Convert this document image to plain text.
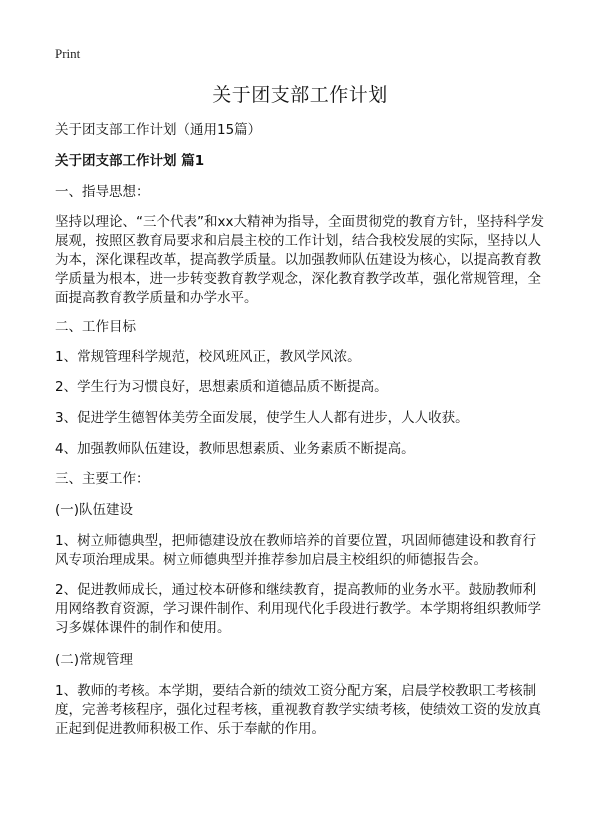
Print
关于团支部工作计划

关于团支部工作计划（通用15篇）

关于团支部工作计划 篇1

一、指导思想：

坚持以理论、“三个代表”和xx大精神为指导，全面贯彻党的教育方针，坚持科学发展观，按照区教育局要求和启晨主校的工作计划，结合我校发展的实际，坚持以人为本，深化课程改革，提高教学质量。以加强教师队伍建设为核心，以提高教育教学质量为根本，进一步转变教育教学观念，深化教育教学改革，强化常规管理，全面提高教育教学质量和办学水平。

二、工作目标

1、常规管理科学规范，校风班风正，教风学风浓。

2、学生行为习惯良好，思想素质和道德品质不断提高。

3、促进学生德智体美劳全面发展，使学生人人都有进步，人人收获。

4、加强教师队伍建设，教师思想素质、业务素质不断提高。

三、主要工作：

(一)队伍建设

1、树立师德典型，把师德建设放在教师培养的首要位置，巩固师德建设和教育行风专项治理成果。树立师德典型并推荐参加启晨主校组织的师德报告会。

2、促进教师成长，通过校本研修和继续教育，提高教师的业务水平。鼓励教师利用网络教育资源，学习课件制作、利用现代化手段进行教学。本学期将组织教师学习多媒体课件的制作和使用。

(二)常规管理

1、教师的考核。本学期，要结合新的绩效工资分配方案，启晨学校教职工考核制度，完善考核程序，强化过程考核，重视教育教学实绩考核，使绩效工资的发放真正起到促进教师积极工作、乐于奉献的作用。
